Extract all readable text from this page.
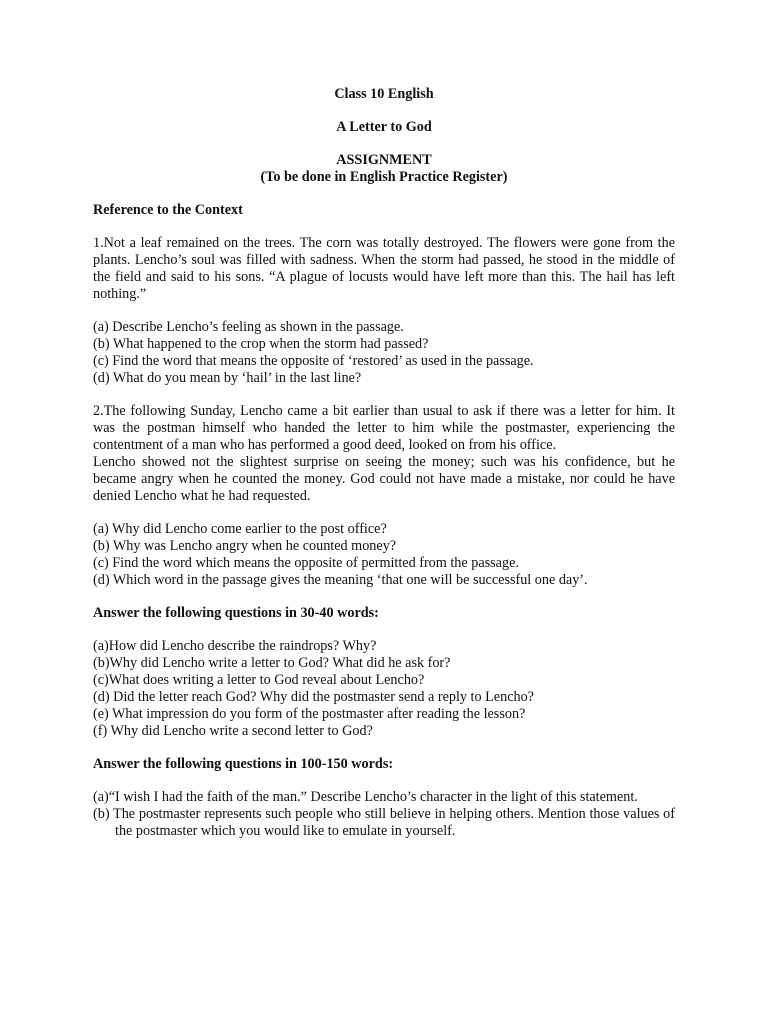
Class 10 English

A Letter to God

ASSIGNMENT

(To be done in English Practice Register)

Reference to the Context

1.Not a leaf remained on the trees. The corn was totally destroyed. The flowers were gone from the plants. Lencho’s soul was filled with sadness. When the storm had passed, he stood in the middle of the field and said to his sons. “A plague of locusts would have left more than this. The hail has left nothing.”

(a) Describe Lencho’s feeling as shown in the passage.
(b) What happened to the crop when the storm had passed?
(c) Find the word that means the opposite of ‘restored’ as used in the passage.
(d) What do you mean by ‘hail’ in the last line?

2.The following Sunday, Lencho came a bit earlier than usual to ask if there was a letter for him. It was the postman himself who handed the letter to him while the postmaster, experiencing the contentment of a man who has performed a good deed, looked on from his office.

Lencho showed not the slightest surprise on seeing the money; such was his confidence, but he became angry when he counted the money. God could not have made a mistake, nor could he have denied Lencho what he had requested.

(a) Why did Lencho come earlier to the post office?
(b) Why was Lencho angry when he counted money?
(c) Find the word which means the opposite of permitted from the passage.
(d) Which word in the passage gives the meaning ‘that one will be successful one day’.

Answer the following questions in 30-40 words:

(a)How did Lencho describe the raindrops? Why?
(b)Why did Lencho write a letter to God? What did he ask for?
(c)What does writing a letter to God reveal about Lencho?
(d) Did the letter reach God? Why did the postmaster send a reply to Lencho?
(e) What impression do you form of the postmaster after reading the lesson?
(f) Why did Lencho write a second letter to God?

Answer the following questions in 100-150 words:

(a)“I wish I had the faith of the man.” Describe Lencho’s character in the light of this statement.

(b) The postmaster represents such people who still believe in helping others. Mention those values of the postmaster which you would like to emulate in yourself.
